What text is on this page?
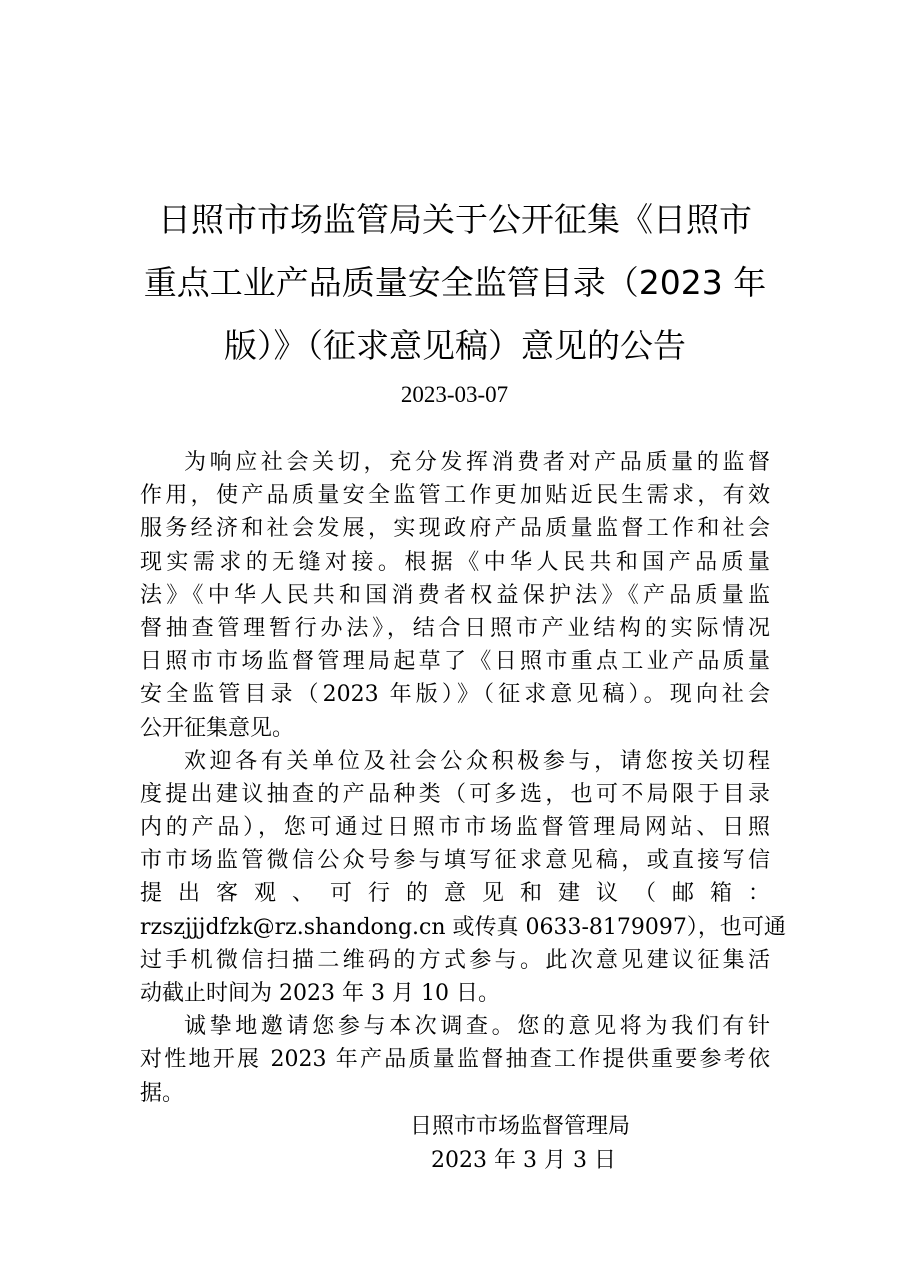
日照市市场监管局关于公开征集《日照市
重点工业产品质量安全监管目录（2023 年
版）》（征求意见稿）意见的公告
2023-03-07
为响应社会关切，充分发挥消费者对产品质量的监督
作用，使产品质量安全监管工作更加贴近民生需求，有效
服务经济和社会发展，实现政府产品质量监督工作和社会
现实需求的无缝对接。根据《中华人民共和国产品质量
法》《中华人民共和国消费者权益保护法》《产品质量监
督抽查管理暂行办法》，结合日照市产业结构的实际情况
日照市市场监督管理局起草了《日照市重点工业产品质量
安全监管目录（2023 年版）》（征求意见稿）。现向社会
公开征集意见。
欢迎各有关单位及社会公众积极参与，请您按关切程
度提出建议抽查的产品种类（可多选，也可不局限于目录
内的产品），您可通过日照市市场监督管理局网站、日照
市市场监管微信公众号参与填写征求意见稿，或直接写信
提出客观、可行的意见和建议（邮箱：
rzszjjjdfzk@rz.shandong.cn 或传真 0633-8179097），也可通
过手机微信扫描二维码的方式参与。此次意见建议征集活
动截止时间为 2023 年 3 月 10 日。
诚挚地邀请您参与本次调查。您的意见将为我们有针
对性地开展 2023 年产品质量监督抽查工作提供重要参考依
据。
日照市市场监督管理局
2023 年 3 月 3 日
